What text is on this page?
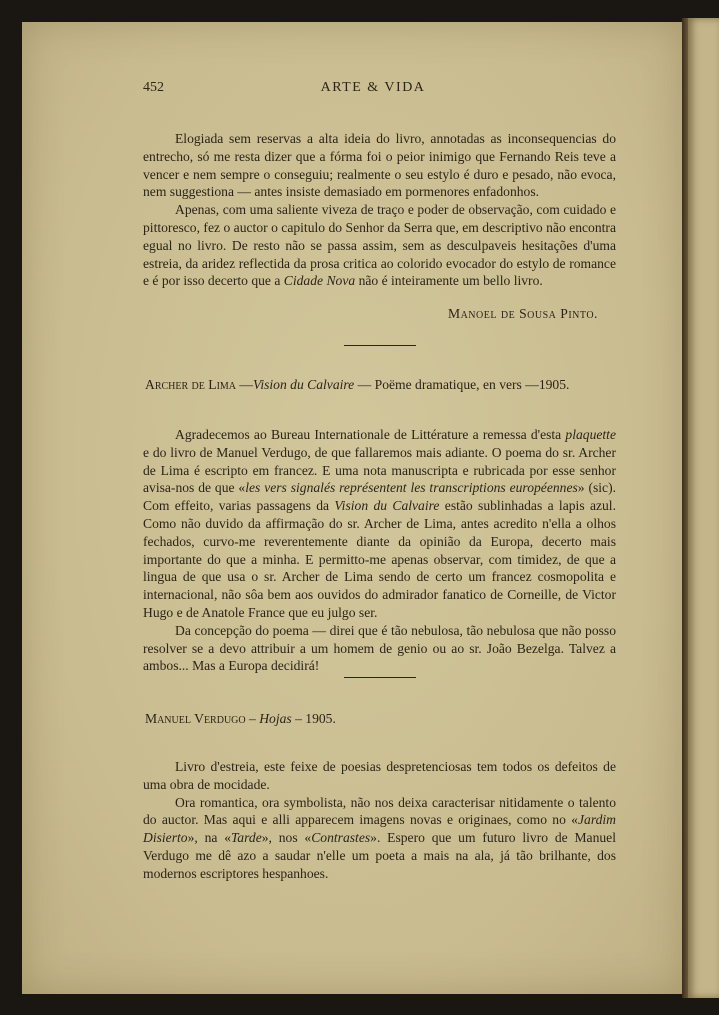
452	ARTE & VIDA

Elogiada sem reservas a alta ideia do livro, annotadas as inconsequencias do entrecho, só me resta dizer que a fórma foi o peior inimigo que Fernando Reis teve a vencer e nem sempre o conseguiu; realmente o seu estylo é duro e pesado, não evoca, nem suggestiona — antes insiste demasiado em pormenores enfadonhos.

Apenas, com uma saliente viveza de traço e poder de observação, com cuidado e pittoresco, fez o auctor o capitulo do Senhor da Serra que, em descriptivo não encontra egual no livro. De resto não se passa assim, sem as desculpaveis hesitações d'uma estreia, da aridez reflectida da prosa critica ao colorido evocador do estylo de romance e é por isso decerto que a Cidade Nova não é inteiramente um bello livro.

Manoel de Sousa Pinto.
Archer de Lima —Vision du Calvaire — Poëme dramatique, en vers —1905.

Agradecemos ao Bureau Internationale de Littérature a remessa d'esta plaquette e do livro de Manuel Verdugo, de que fallaremos mais adiante. O poema do sr. Archer de Lima é escripto em francez. E uma nota manuscripta e rubricada por esse senhor avisa-nos de que «les vers signalés représentent les transcriptions européennes» (sic). Com effeito, varias passagens da Vision du Calvaire estão sublinhadas a lapis azul. Como não duvido da affirmação do sr. Archer de Lima, antes acredito n'ella a olhos fechados, curvo-me reverentemente diante da opinião da Europa, decerto mais importante do que a minha. E permitto-me apenas observar, com timidez, de que a lingua de que usa o sr. Archer de Lima sendo de certo um francez cosmopolita e internacional, não sôa bem aos ouvidos do admirador fanatico de Corneille, de Victor Hugo e de Anatole France que eu julgo ser.

Da concepção do poema — direi que é tão nebulosa, tão nebulosa que não posso resolver se a devo attribuir a um homem de genio ou ao sr. João Bezelga. Talvez a ambos... Mas a Europa decidirá!

Manuel Verdugo – Hojas – 1905.

Livro d'estreia, este feixe de poesias despretenciosas tem todos os defeitos de uma obra de mocidade.

Ora romantica, ora symbolista, não nos deixa caracterisar nitidamente o talento do auctor. Mas aqui e alli apparecem imagens novas e originaes, como no «Jardim Disierto», na «Tarde», nos «Contrastes». Espero que um futuro livro de Manuel Verdugo me dê azo a saudar n'elle um poeta a mais na ala, já tão brilhante, dos modernos escriptores hespanhoes.
